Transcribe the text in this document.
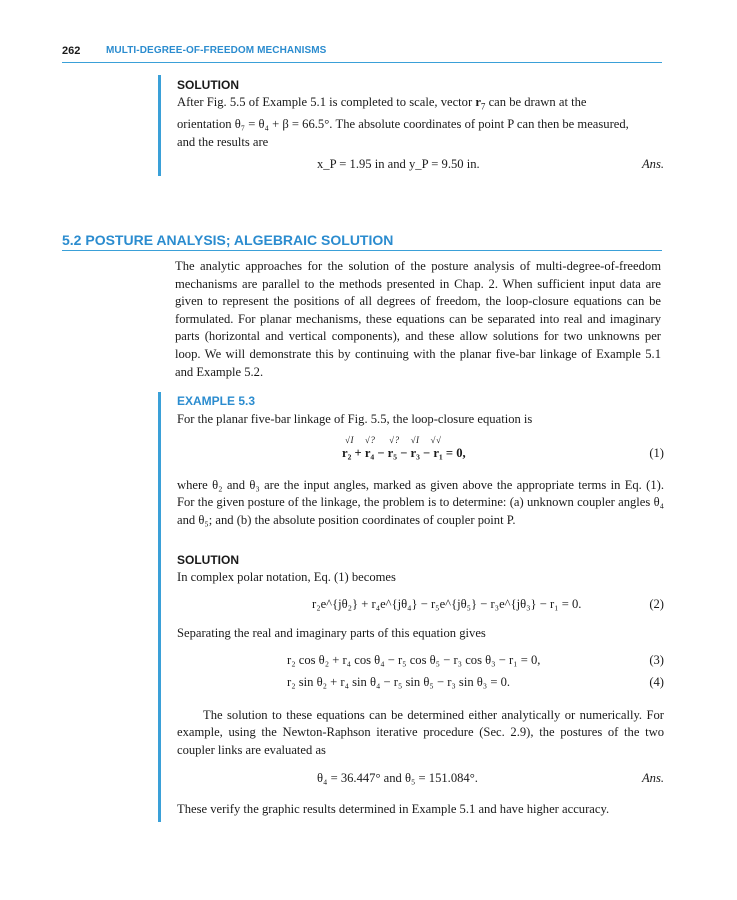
262	MULTI-DEGREE-OF-FREEDOM MECHANISMS
SOLUTION
After Fig. 5.5 of Example 5.1 is completed to scale, vector $r_7$ can be drawn at the
orientation θ₇ = θ₄ + β = 66.5°. The absolute coordinates of point P can then be measured,
and the results are
x_P = 1.95 in and y_P = 9.50 in.	Ans.
5.2 POSTURE ANALYSIS; ALGEBRAIC SOLUTION

The analytic approaches for the solution of the posture analysis of multi-degree-of-freedom mechanisms are parallel to the methods presented in Chap. 2. When sufficient input data are given to represent the positions of all degrees of freedom, the loop-closure equations can be formulated. For planar mechanisms, these equations can be separated into real and imaginary parts (horizontal and vertical components), and these allow solutions for two unknowns per loop. We will demonstrate this by continuing with the planar five-bar linkage of Example 5.1 and Example 5.2.

EXAMPLE 5.3
For the planar five-bar linkage of Fig. 5.5, the loop-closure equation is
r₂ + r₄ − r₅ − r₃ − r₁ = 0,
√I    √?     √?    √I    √√
(1)

where θ₂ and θ₃ are the input angles, marked as given above the appropriate terms in Eq. (1). For the given posture of the linkage, the problem is to determine: (a) unknown coupler angles θ₄ and θ₅; and (b) the absolute position coordinates of coupler point P.

SOLUTION
In complex polar notation, Eq. (1) becomes
r₂e^{jθ₂} + r₄e^{jθ₄} − r₅e^{jθ₅} − r₃e^{jθ₃} − r₁ = 0.	(2)
Separating the real and imaginary parts of this equation gives
r₂ cos θ₂ + r₄ cos θ₄ − r₅ cos θ₅ − r₃ cos θ₃ − r₁ = 0,	(3)
r₂ sin θ₂ + r₄ sin θ₄ − r₅ sin θ₅ − r₃ sin θ₃ = 0.	(4)

The solution to these equations can be determined either analytically or numerically. For example, using the Newton-Raphson iterative procedure (Sec. 2.9), the postures of the two coupler links are evaluated as

θ₄ = 36.447° and θ₅ = 151.084°.	Ans.
These verify the graphic results determined in Example 5.1 and have higher accuracy.
